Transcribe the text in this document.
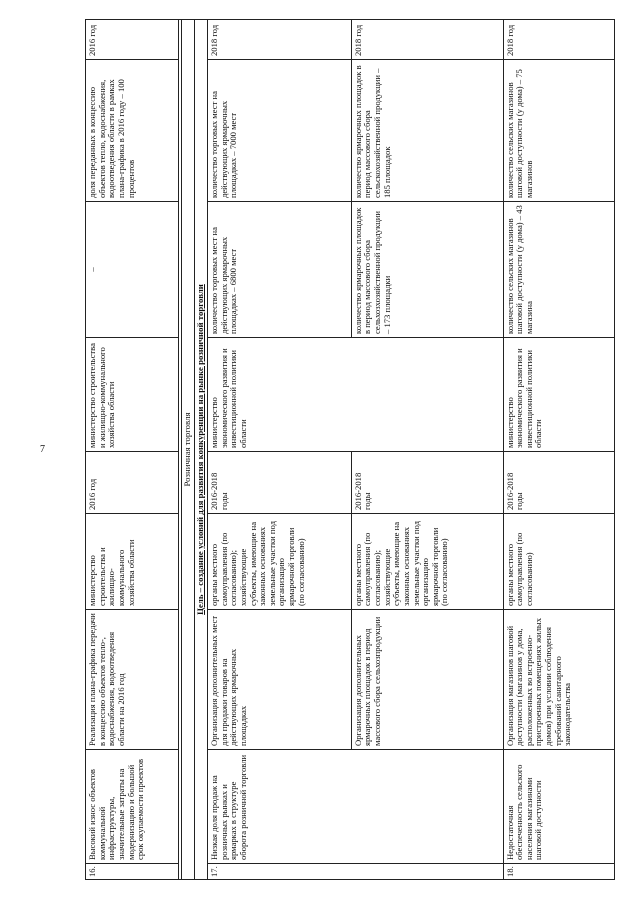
7
16.	Высокий износ объектов коммунальной инфраструктуры, значительные затраты на модернизацию и большой срок окупаемости проектов	Реализация плана-графика передачи в концессию объектов тепло-, водоснабжения, водоотведения области на 2016 год	министерство строительства и жилищно-коммунального хозяйства области	2016 год	министерство строительства и жилищно-коммунального хозяйства области	–	доля переданных в концессию объектов тепло, водоснабжения, водоотведения области в рамках плана-графика в 2016 году – 100 процентов	2016 год

Розничная торговля								
Цель – создание условий для развития конкуренции на рынке розничной торговли								
17.	Низкая доля продаж на розничных рынках и ярмарках в структуре оборота розничной торговли	Организация дополнительных мест для продажи товаров на действующих ярмарочных площадках	органы местного самоуправления (по согласованию); хозяйствующие субъекты, имеющие на законных основаниях земельные участки под организацию ярмарочной торговли (по согласованию)	2016-2018 годы	министерство экономического развития и инвестиционной политики области	количество торговых мест на действующих ярмарочных площадках – 6800 мест	количество торговых мест на действующих ярмарочных площадках – 7000 мест	2018 год
		Организация дополнительных ярмарочных площадок в период массового сбора сельхозпродукции	органы местного самоуправления (по согласованию); хозяйствующие субъекты, имеющие на законных основаниях земельные участки под организацию ярмарочной торговли (по согласованию)	2016-2018 годы		количество ярмарочных площадок в период массового сбора сельхозхозяйственной продукции – 173 площадки	количество ярмарочных площадок в период массового сбора сельскохозяйственной продукции – 185 площадок	2018 год
18.	Недостаточная обеспеченность сельского населения магазинами шаговой доступности	Организация магазинов шаговой доступности (магазинов у дома, расположенных во встроенно-пристроенных помещениях жилых домов) при условии соблюдения требований санитарного законодательства	органы местного самоуправления (по согласованию)	2016-2018 годы	министерство экономического развития и инвестиционной политики области	количество сельских магазинов шаговой доступности (у дома) – 43 магазина	количество сельских магазинов шаговой доступности (у дома) – 75 магазинов	2018 год
